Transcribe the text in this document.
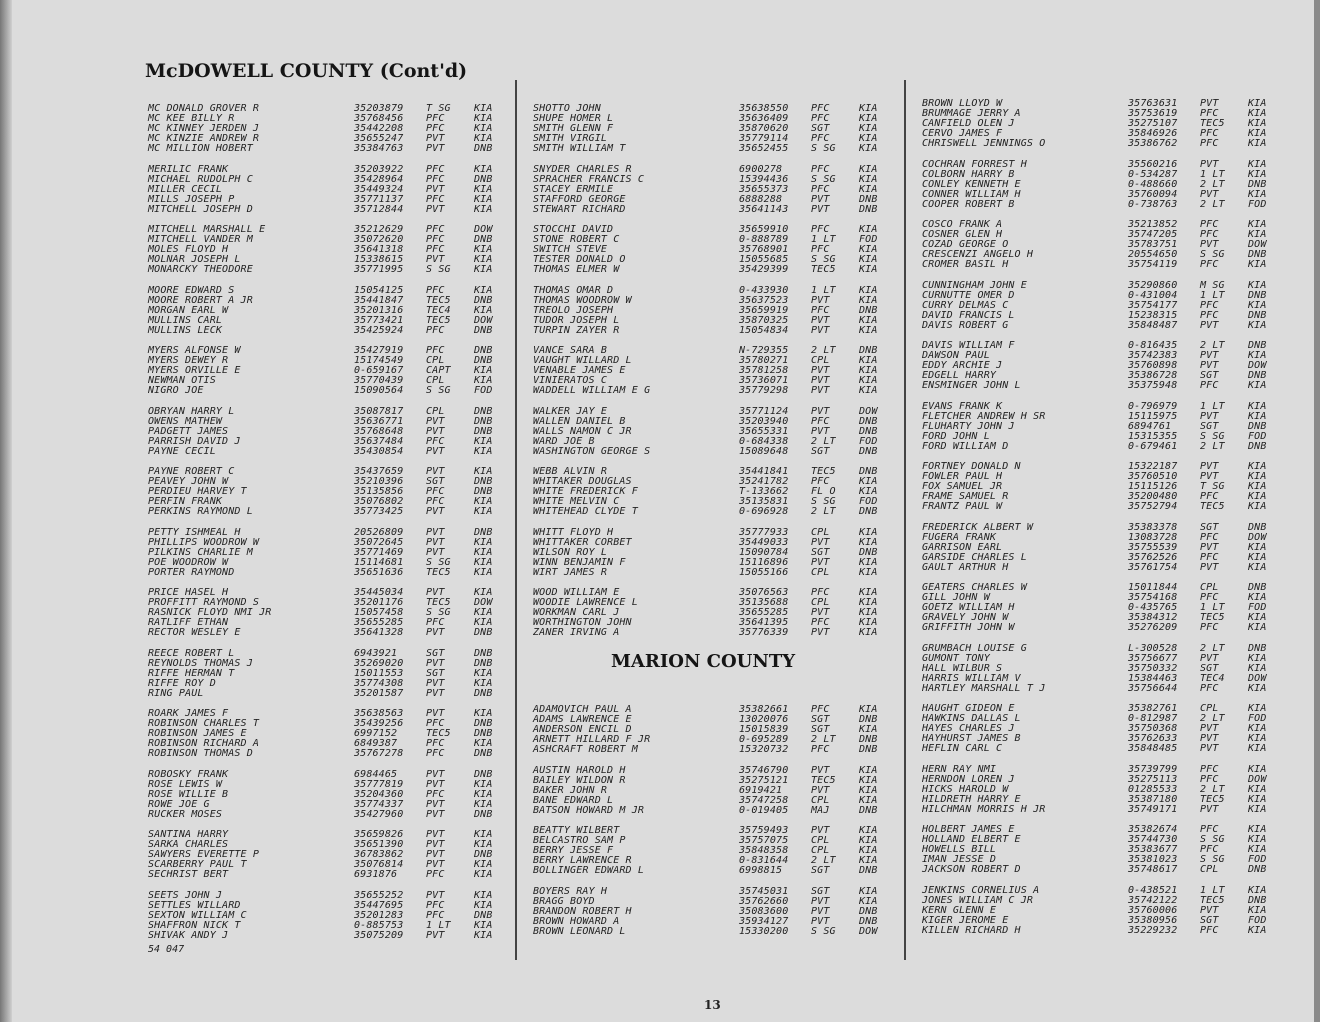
McDOWELL COUNTY (Cont'd)
MC DONALD GROVER R	35203879 T SG KIA
MC KEE BILLY R	35768456 PFC	KIA
MC KINNEY JERDEN J	35442208 PFC	KIA
MC KINZIE ANDREW R	35655247 PVT	KIA
MC MILLION HOBERT	35384763 PVT	DNB
MERILIC FRANK	35203922 PFC	KIA
MICHAEL RUDOLPH C	35428964 PFC	DNB
MILLER CECIL	35449324 PVT	KIA
MILLS JOSEPH P	35771137 PFC	KIA
MITCHELL JOSEPH D	35712844 PVT	KIA
MITCHELL MARSHALL E	35212629 PFC	DOW
MITCHELL VANDER M	35072620 PFC	DNB
MOLES FLOYD H	35641318 PFC	KIA
MOLNAR JOSEPH L	15338615 PVT	KIA
MONARCKY THEODORE	35771995 S SG KIA
MOORE EDWARD S	15054125 PFC	KIA
MOORE ROBERT A JR	35441847 TEC5 DNB
MORGAN EARL W	35201316 TEC4 KIA
MULLINS CARL	35773421 TEC5 DOW
MULLINS LECK	35425924 PFC	DNB
MYERS ALFONSE W	35427919 PFC	DNB
MYERS DEWEY R	15174549 CPL	DNB
MYERS ORVILLE E	0-659167 CAPT KIA
NEWMAN OTIS	35770439 CPL	KIA
NIGRO JOE	15090564 S SG FOD
OBRYAN HARRY L	35087817 CPL	DNB
OWENS MATHEW	35636771 PVT	DNB
PADGETT JAMES	35768648 PVT	DNB
PARRISH DAVID J	35637484 PFC	KIA
PAYNE CECIL	35430854 PVT	KIA
PAYNE ROBERT C	35437659 PVT	KIA
PEAVEY JOHN W	35210396 SGT	DNB
PERDIEU HARVEY T	35135856 PFC	DNB
PERFIN FRANK	35076802 PFC	KIA
PERKINS RAYMOND L	35773425 PVT	KIA
PETTY ISHMEAL H	20526809 PVT	DNB
PHILLIPS WOODROW W	35072645 PVT	KIA
PILKINS CHARLIE M	35771469 PVT	KIA
POE WOODROW W	15114681 S SG KIA
PORTER RAYMOND	35651636 TEC5 KIA
PRICE HASEL H	35445034 PVT	KIA
PROFFITT RAYMOND S	35201176 TEC5 DOW
RASNICK FLOYD NMI JR	15057458 S SG KIA
RATLIFF ETHAN	35655285 PFC	KIA
RECTOR WESLEY E	35641328 PVT	DNB
REECE ROBERT L	6943921	SGT	DNB
REYNOLDS THOMAS J	35269020 PVT	DNB
RIFFE HERMAN T	15011553 SGT	KIA
RIFFE ROY D	35774308 PVT	KIA
RING PAUL	35201587 PVT	DNB
ROARK JAMES F	35638563 PVT	KIA
ROBINSON CHARLES T	35439256 PFC	DNB
ROBINSON JAMES E	6997152	TEC5 DNB
ROBINSON RICHARD A	6849387	PFC	KIA
ROBINSON THOMAS D	35767278 PFC	DNB
ROBOSKY FRANK	6984465	PVT	DNB
ROSE LEWIS W	35777819 PVT	KIA
ROSE WILLIE B	35204360 PFC	KIA
ROWE JOE G	35774337 PVT	KIA
RUCKER MOSES	35427960 PVT	DNB
SANTINA HARRY	35659826 PVT	KIA
SARKA CHARLES	35651390 PVT	KIA
SAWYERS EVERETTE P	36783862 PVT	DNB
SCARBERRY PAUL T	35076814 PVT	KIA
SECHRIST BERT	6931876	PFC	KIA
SEETS JOHN J	35655252 PVT	KIA
SETTLES WILLARD	35447695 PFC	KIA
SEXTON WILLIAM C	35201283 PFC	DNB
SHAFFRON NICK T	0-885753 1 LT KIA
SHIVAK ANDY J	35075209 PVT	KIA
SHOTTO JOHN	35638550 PFC	KIA
SHUPE HOMER L	35636409 PFC	KIA
SMITH GLENN F	35870620 SGT	KIA
SMITH VIRGIL	35779114 PFC	KIA
SMITH WILLIAM T	35652455 S SG KIA
SNYDER CHARLES R	6900278	PFC	KIA
SPRACHER FRANCIS C	15394436 S SG KIA
STACEY ERMILE	35655373 PFC	KIA
STAFFORD GEORGE	6888288	PVT	DNB
STEWART RICHARD	35641143 PVT	DNB
STOCCHI DAVID	35659910 PFC	KIA
STONE ROBERT C	0-888789 1 LT FOD
SWITCH STEVE	35768901 PFC	KIA
TESTER DONALD O	15055685 S SG KIA
THOMAS ELMER W	35429399 TEC5 KIA
THOMAS OMAR D	0-433930 1 LT KIA
THOMAS WOODROW W	35637523 PVT	KIA
TREOLO JOSEPH	35659919 PFC	DNB
TUDOR JOSEPH L	35870325 PVT	KIA
TURPIN ZAYER R	15054834 PVT	KIA
VANCE SARA B	N-729355 2 LT DNB
VAUGHT WILLARD L	35780271 CPL	KIA
VENABLE JAMES E	35781258 PVT	KIA
VINIERATOS C	35736071 PVT	KIA
WADDELL WILLIAM E G	35779298 PVT	KIA
WALKER JAY E	35771124 PVT	DOW
WALLEN DANIEL B	35203940 PFC	DNB
WALLS NAMON C JR	35655331 PVT	DNB
WARD JOE B	0-684338 2 LT FOD
WASHINGTON GEORGE S	15089648 SGT	DNB
WEBB ALVIN R	35441841 TEC5 DNB
WHITAKER DOUGLAS	35241782 PFC	KIA
WHITE FREDERICK F	T-133662 FL O KIA
WHITE MELVIN C	35135831 S SG FOD
WHITEHEAD CLYDE T	0-696928 2 LT DNB
WHITT FLOYD H	35777933 CPL	KIA
WHITTAKER CORBET	35449033 PVT	KIA
WILSON ROY L	15090784 SGT	DNB
WINN BENJAMIN F	15116896 PVT	KIA
WIRT JAMES R	15055166 CPL	KIA
WOOD WILLIAM E	35076563 PFC	KIA
WOODIE LAWRENCE L	35135688 CPL	KIA
WORKMAN CARL J	35655285 PVT	KIA
WORTHINGTON JOHN	35641395 PFC	KIA
ZANER IRVING A	35776339 PVT	KIA
MARION COUNTY
ADAMOVICH PAUL A	35382661 PFC	KIA
ADAMS LAWRENCE E	13020076 SGT	DNB
ANDERSON ENCIL D	15015839 SGT	KIA
ARNETT HILLARD F JR	0-695289 2 LT DNB
ASHCRAFT ROBERT M	15320732 PFC	DNB
AUSTIN HAROLD H	35746790 PVT	KIA
BAILEY WILDON R	35275121 TEC5 KIA
BAKER JOHN R	6919421	PVT	KIA
BANE EDWARD L	35747258 CPL	KIA
BATSON HOWARD M JR	0-019405 MAJ	DNB
BEATTY WILBERT	35759493 PVT	KIA
BELCASTRO SAM P	35757075 CPL	KIA
BERRY JESSE F	35848358 CPL	KIA
BERRY LAWRENCE R	0-831644 2 LT KIA
BOLLINGER EDWARD L	6998815	SGT	DNB
BOYERS RAY H	35745031 SGT	KIA
BRAGG BOYD	35762660 PVT	KIA
BRANDON ROBERT H	35083600 PVT	DNB
BROWN HOWARD A	35934127 PVT	DNB
BROWN LEONARD L	15330200 S SG DOW
BROWN LLOYD W	35763631 PVT	KIA
BRUMMAGE JERRY A	35753619 PFC	KIA
CANFIELD OLEN J	35275107 TEC5 KIA
CERVO JAMES F	35846926 PFC	KIA
CHRISWELL JENNINGS O	35386762 PFC	KIA
COCHRAN FORREST H	35560216 PVT	KIA
COLBORN HARRY B	0-534287 1 LT KIA
CONLEY KENNETH E	0-488660 2 LT DNB
CONNER WILLIAM H	35760094 PVT	KIA
COOPER ROBERT B	0-738763 2 LT FOD
COSCO FRANK A	35213852 PFC	KIA
COSNER GLEN H	35747205 PFC	KIA
COZAD GEORGE O	35783751 PVT	DOW
CRESCENZI ANGELO H	20554650 S SG DNB
CROMER BASIL H	35754119 PFC	KIA
CUNNINGHAM JOHN E	35290860 M SG KIA
CURNUTTE OMER D	0-431004 1 LT DNB
CURRY DELMAS C	35754177 PFC	KIA
DAVID FRANCIS L	15238315 PFC	DNB
DAVIS ROBERT G	35848487 PVT	KIA
DAVIS WILLIAM F	0-816435 2 LT DNB
DAWSON PAUL	35742383 PVT	KIA
EDDY ARCHIE J	35760898 PVT	DOW
EDGELL HARRY	35386728 SGT	DNB
ENSMINGER JOHN L	35375948 PFC	KIA
EVANS FRANK K	0-796979 1 LT KIA
FLETCHER ANDREW H SR	15115975 PVT	KIA
FLUHARTY JOHN J	6894761	SGT	DNB
FORD JOHN L	15315355 S SG FOD
FORD WILLIAM D	0-679461 2 LT DNB
FORTNEY DONALD N	15322187 PVT	KIA
FOWLER PAUL H	35760510 PVT	KIA
FOX SAMUEL JR	15115126 T SG KIA
FRAME SAMUEL R	35200480 PFC	KIA
FRANTZ PAUL W	35752794 TEC5 KIA
FREDERICK ALBERT W	35383378 SGT	DNB
FUGERA FRANK	13083728 PFC	DOW
GARRISON EARL	35755539 PVT	KIA
GARSIDE CHARLES L	35762526 PFC	KIA
GAULT ARTHUR H	35761754 PVT	KIA
GEATERS CHARLES W	15011844 CPL	DNB
GILL JOHN W	35754168 PFC	KIA
GOETZ WILLIAM H	0-435765 1 LT FOD
GRAVELY JOHN W	35384312 TEC5 KIA
GRIFFITH JOHN W	35276209 PFC	KIA
GRUMBACH LOUISE G	L-300528 2 LT DNB
GUMONT TONY	35756677 PVT	KIA
HALL WILBUR S	35750332 SGT	KIA
HARRIS WILLIAM V	15384463 TEC4 DOW
HARTLEY MARSHALL T J	35756644 PFC	KIA
HAUGHT GIDEON E	35382761 CPL	KIA
HAWKINS DALLAS L	0-812987 2 LT FOD
HAYES CHARLES J	35750368 PVT	KIA
HAYHURST JAMES B	35762633 PVT	KIA
HEFLIN CARL C	35848485 PVT	KIA
HERN RAY NMI	35739799 PFC	KIA
HERNDON LOREN J	35275113 PFC	DOW
HICKS HAROLD W	01285533 2 LT KIA
HILDRETH HARRY E	35387180 TEC5 KIA
HILCHMAN MORRIS H JR	35749171 PVT	KIA
HOLBERT JAMES E	35382674 PFC	KIA
HOLLAND ELBERT E	35744730 S SG KIA
HOWELLS BILL	35383677 PFC	KIA
IMAN JESSE D	35381023 S SG FOD
JACKSON ROBERT D	35748617 CPL	DNB
JENKINS CORNELIUS A	0-438521 1 LT KIA
JONES WILLIAM C JR	35742122 TEC5 DNB
KERN GLENN E	35760006 PVT	KIA
KIGER JEROME E	35380956 SGT	FOD
KILLEN RICHARD H	35229232 PFC	KIA
54 047
13
